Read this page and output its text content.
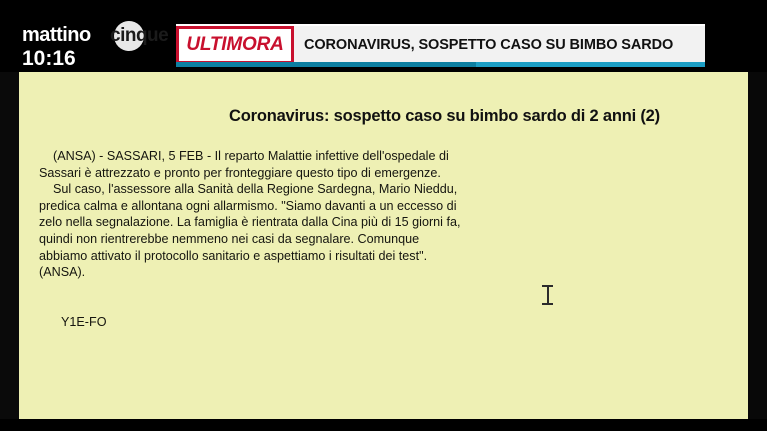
mattino cinque
10:16
ULTIMORA	CORONAVIRUS, SOSPETTO CASO SU BIMBO SARDO
Coronavirus: sospetto caso su bimbo sardo di 2 anni (2)

(ANSA) - SASSARI, 5 FEB - Il reparto Malattie infettive dell'ospedale di Sassari è attrezzato e pronto per fronteggiare questo tipo di emergenze.

Sul caso, l'assessore alla Sanità della Regione Sardegna, Mario Nieddu, predica calma e allontana ogni allarmismo. "Siamo davanti a un eccesso di zelo nella segnalazione. La famiglia è rientrata dalla Cina più di 15 giorni fa, quindi non rientrerebbe nemmeno nei casi da segnalare. Comunque abbiamo attivato il protocollo sanitario e aspettiamo i risultati dei test". (ANSA).

Y1E-FO
